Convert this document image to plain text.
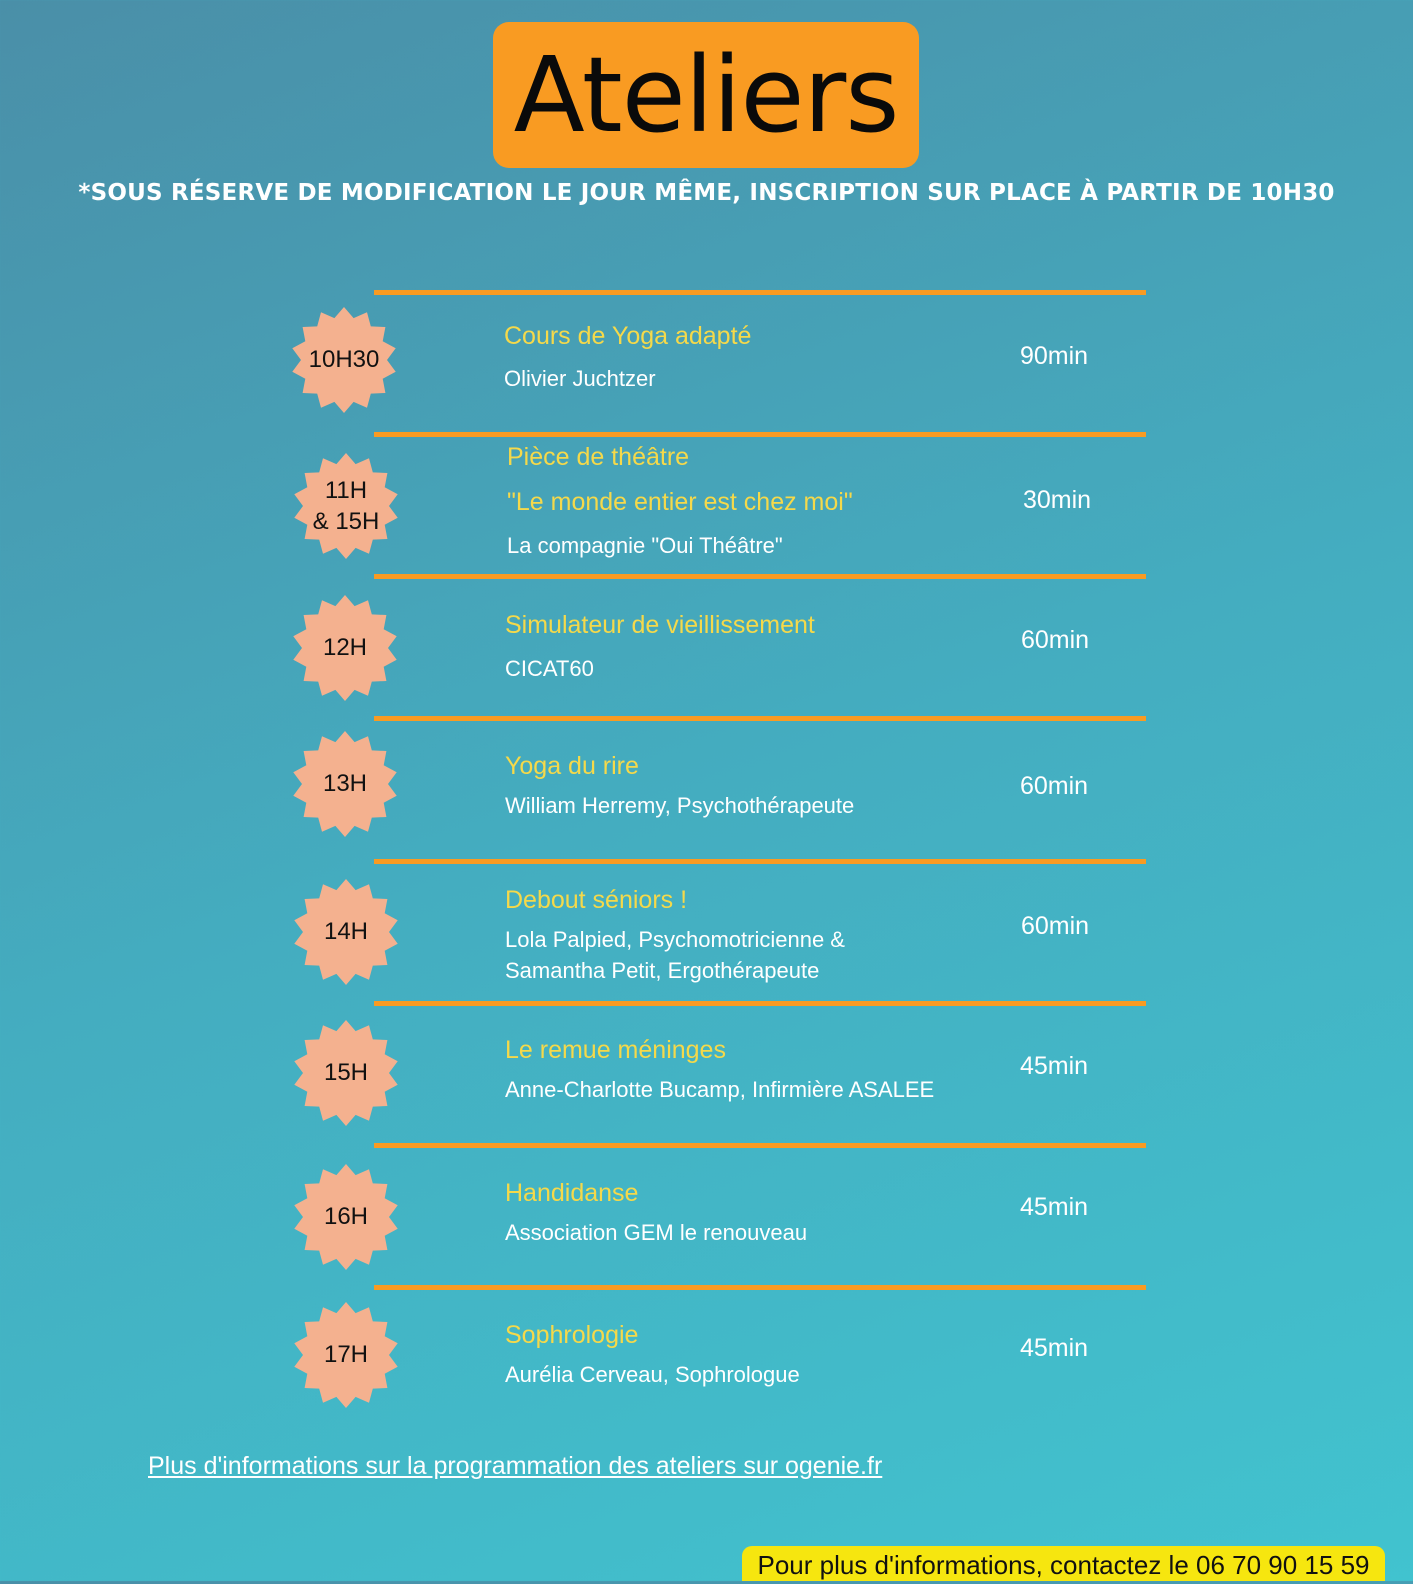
Ateliers
*SOUS RÉSERVE DE MODIFICATION LE JOUR MÊME, INSCRIPTION SUR PLACE À PARTIR DE 10H30
10H30
Cours de Yoga adapté
Olivier Juchtzer
90min
11H
& 15H
Pièce de théâtre
"Le monde entier est chez moi"
La compagnie "Oui Théâtre"
30min
12H
Simulateur de vieillissement
CICAT60
60min
13H
Yoga du rire
William Herremy, Psychothérapeute
60min
14H
Debout séniors !
Lola Palpied, Psychomotricienne &
Samantha Petit, Ergothérapeute
60min
15H
Le remue méninges
Anne-Charlotte Bucamp, Infirmière ASALEE
45min
16H
Handidanse
Association GEM le renouveau
45min
17H
Sophrologie
Aurélia Cerveau, Sophrologue
45min
Plus d'informations sur la programmation des ateliers sur ogenie.fr
Pour plus d'informations, contactez le 06 70 90 15 59
